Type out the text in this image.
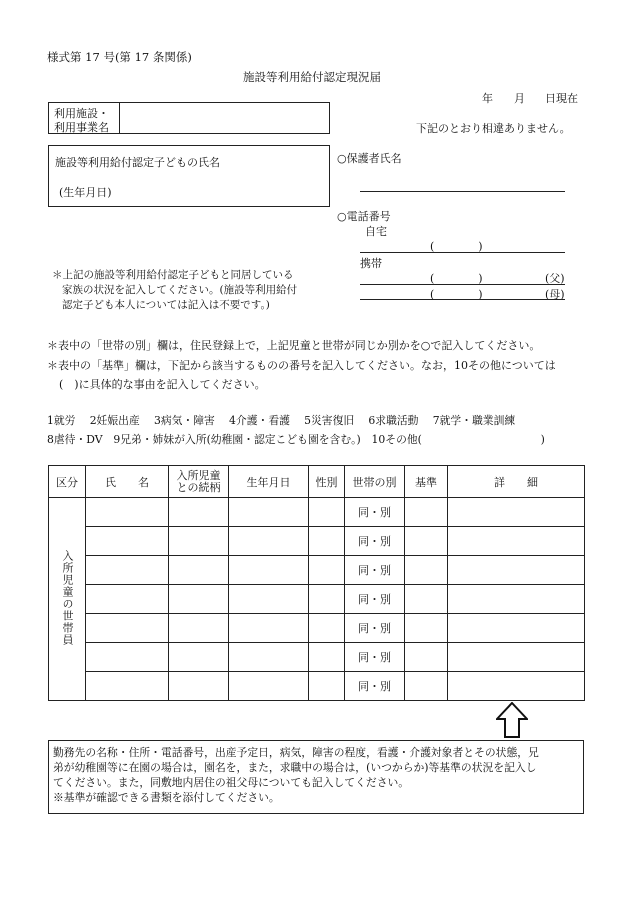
様式第 17 号(第 17 条関係)
施設等利用給付認定現況届
年 月 日現在
利用施設・
利用事業名	下記のとおり相違ありません。
施設等利用給付認定子どもの氏名
(生年月日)
○保護者氏名
○電話番号
自宅
(　　　　)
携帯
(　　　　)	(父)
(　　　　)	(母)
＊上記の施設等利用給付認定子どもと同居している
家族の状況を記入してください。(施設等利用給付
認定子ども本人については記入は不要です。)
＊表中の「世帯の別」欄は，住民登録上で，上記児童と世帯が同じか別かを○で記入してください。
＊表中の「基準」欄は，下記から該当するものの番号を記入してください。なお，10その他については
(　)に具体的な事由を記入してください。
1就労　 2妊娠出産　 3病気・障害　 4介護・看護　 5災害復旧　 6求職活動　 7就学・職業訓練
8虐待・DV　9兄弟・姉妹が入所(幼稚園・認定こども園を含む。)　10その他(　　　　　　　　　　　)
区分	氏　　名	入所児童
との続柄	生年月日	性別	世帯の別	基準	詳　　細
入所児童の世帯員					同・別		
					同・別		
					同・別		
					同・別		
					同・別		
					同・別		
					同・別		
勤務先の名称・住所・電話番号，出産予定日，病気，障害の程度，看護・介護対象者とその状態，兄
弟が幼稚園等に在園の場合は，園名を，また，求職中の場合は，(いつからか)等基準の状況を記入し
てください。また，同敷地内居住の祖父母についても記入してください。
※基準が確認できる書類を添付してください。
